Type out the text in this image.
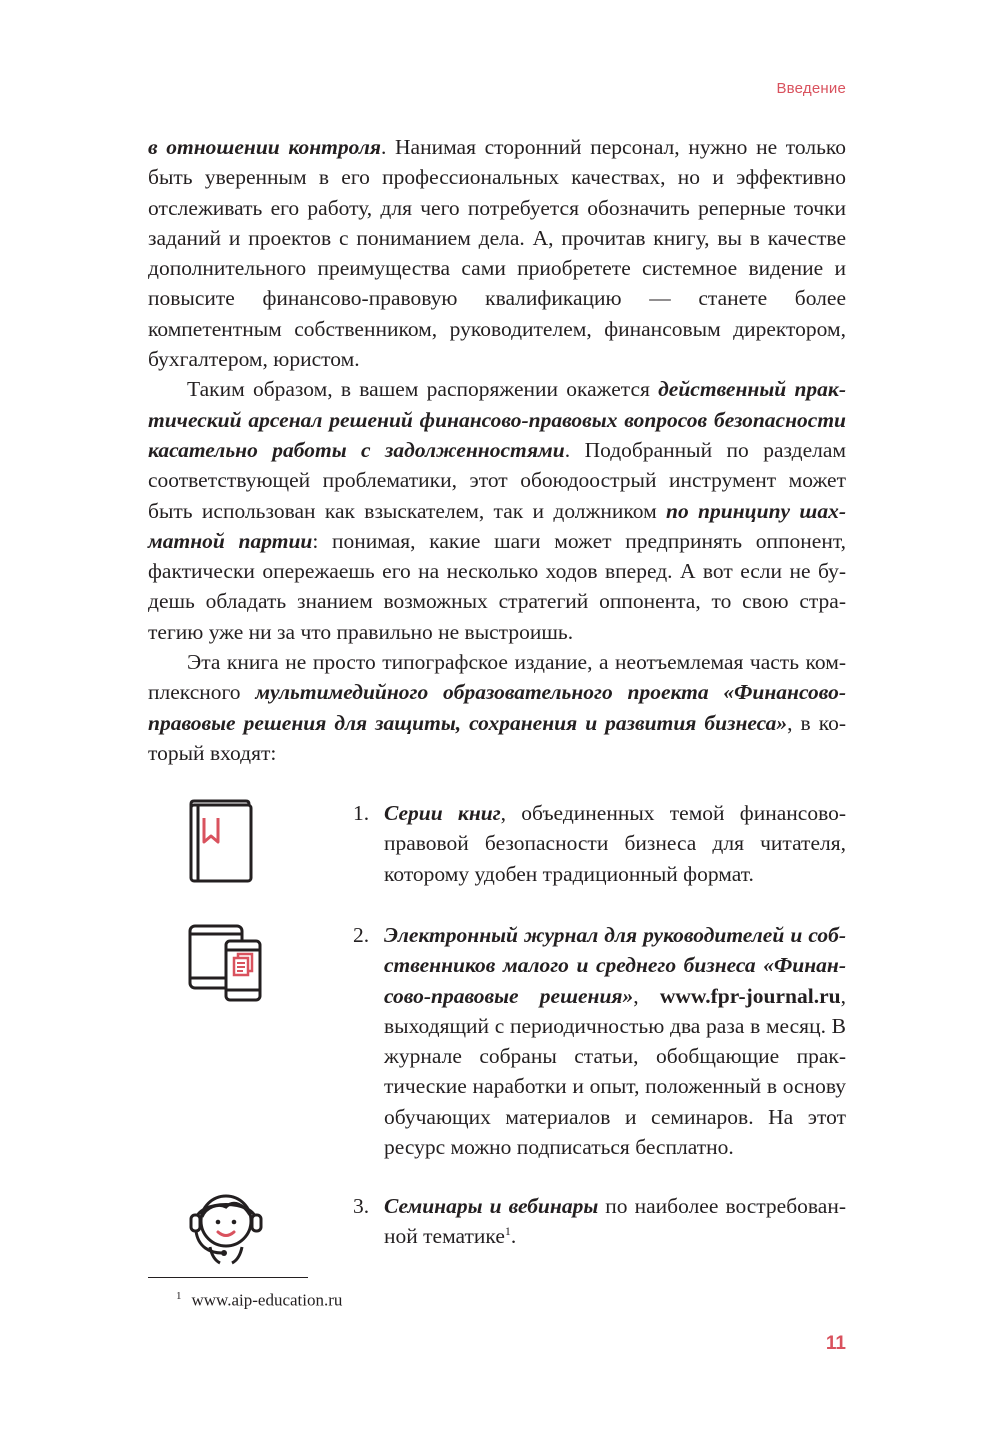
Введение

в отношении контроля. Нанимая сторонний персонал, нужно не только быть уверенным в его профессиональных качествах, но и эффективно отслеживать его работу, для чего потребуется обозначить реперные точки заданий и проектов с пониманием дела. А, прочитав книгу, вы в качестве дополнительного преимущества сами приобретете системное видение и повысите финансово-правовую квалификацию — станете более компетентным собственником, руководителем, финансовым директором, бухгалтером, юристом.

Таким образом, в вашем распоряжении окажется действенный практический арсенал решений финансово-правовых вопросов безопасности касательно работы с задолженностями. Подобранный по разделам соответствующей проблематики, этот обоюдоострый инструмент может быть использован как взыскателем, так и должником по принципу шахматной партии: понимая, какие шаги может предпринять оппонент, фактически опережаешь его на несколько ходов вперед. А вот если не будешь обладать знанием возможных стратегий оппонента, то свою стратегию уже ни за что правильно не выстроишь.

Эта книга не просто типографское издание, а неотъемлемая часть комплексного мультимедийного образовательного проекта «Финансово-правовые решения для защиты, сохранения и развития бизнеса», в который входят:

1. Серии книг, объединенных темой финансово-правовой безопасности бизнеса для читателя, которому удобен традиционный формат.

2. Электронный журнал для руководителей и собственников малого и среднего бизнеса «Финансово-правовые решения», www.fpr-journal.ru, выходящий с периодичностью два раза в месяц. В журнале собраны статьи, обобщающие практические наработки и опыт, положенный в основу обучающих материалов и семинаров. На этот ресурс можно подписаться бесплатно.

3. Семинары и вебинары по наиболее востребованной тематике$^1$.

$^1$ www.aip-education.ru
11
